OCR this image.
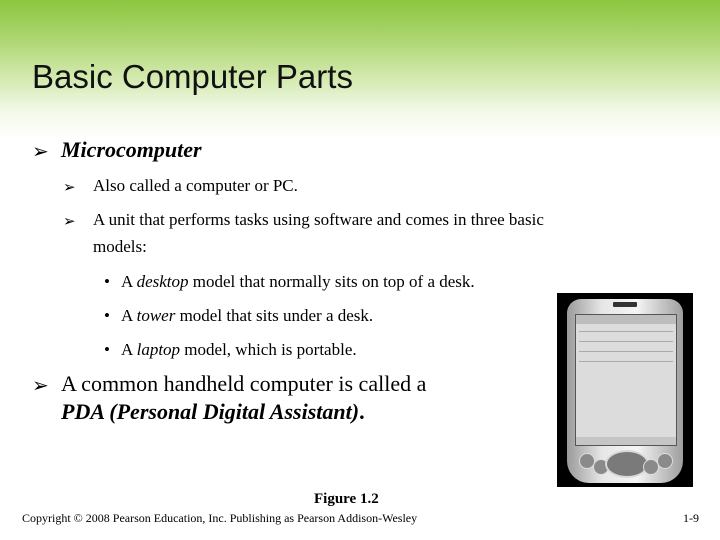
Basic Computer Parts
➢ Microcomputer
➢ Also called a computer or PC.
➢ A unit that performs tasks using software and comes in three basic
models:
• A desktop model that normally sits on top of a desk.
• A tower model that sits under a desk.
• A laptop model, which is portable.
➢ A common handheld computer is called a
PDA (Personal Digital Assistant).
Figure 1.2
Copyright © 2008 Pearson Education, Inc. Publishing as Pearson Addison-Wesley	1-9
